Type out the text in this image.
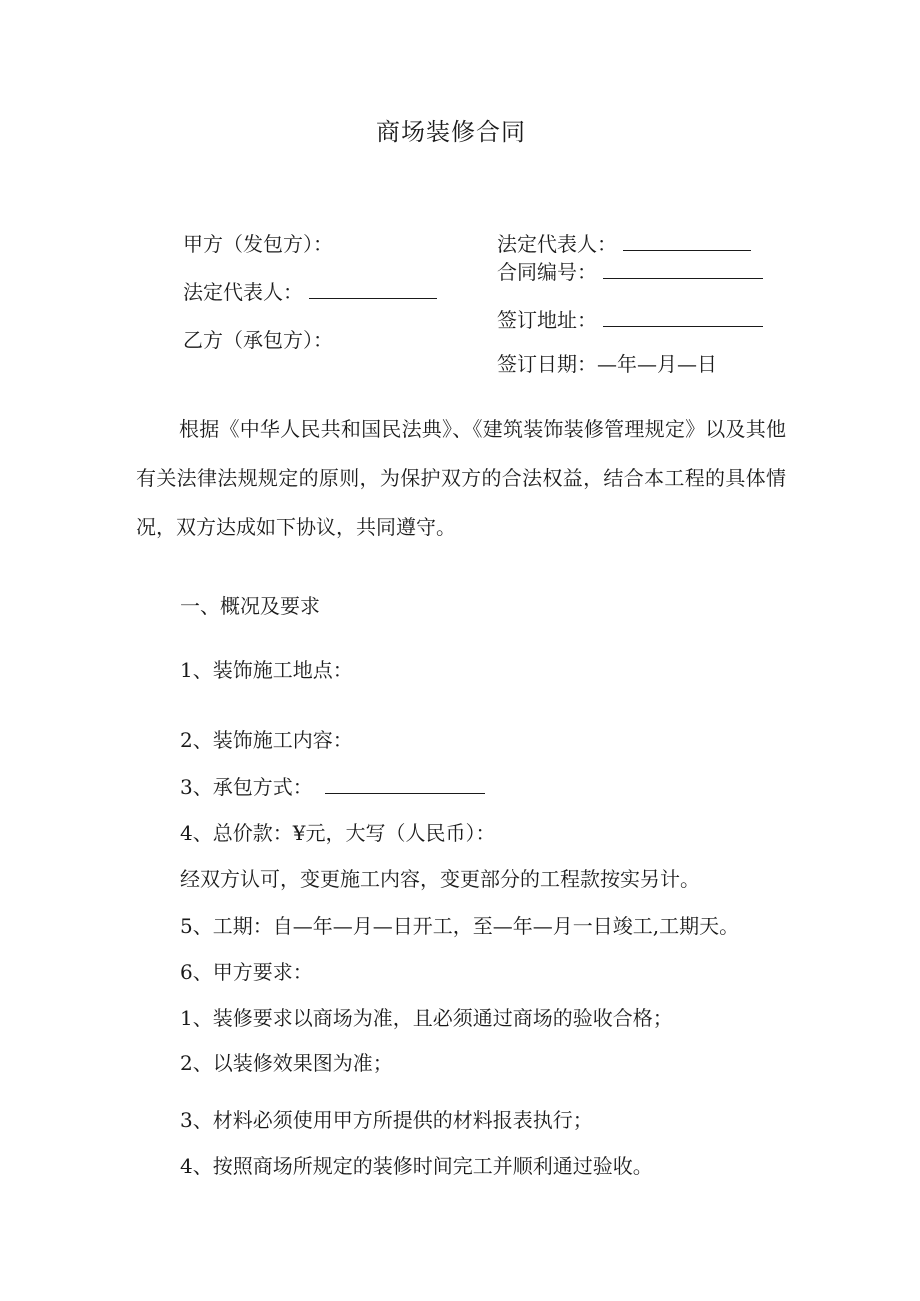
商场装修合同
甲方（发包方）：
法定代表人：
乙方（承包方）：
法定代表人：
合同编号：
签订地址：
签订日期：—年—月—日
根据《中华人民共和国民法典》、《建筑装饰装修管理规定》以及其他有关法律法规规定的原则，为保护双方的合法权益，结合本工程的具体情况，双方达成如下协议，共同遵守。
一、概况及要求
1、装饰施工地点：
2、装饰施工内容：
3、承包方式：
4、总价款：¥元，大写（人民币）：
经双方认可，变更施工内容，变更部分的工程款按实另计。
5、工期：自—年—月—日开工，至—年—月一日竣工,工期天。
6、甲方要求：
1、装修要求以商场为准，且必须通过商场的验收合格；
2、以装修效果图为准；
3、材料必须使用甲方所提供的材料报表执行；
4、按照商场所规定的装修时间完工并顺利通过验收。
